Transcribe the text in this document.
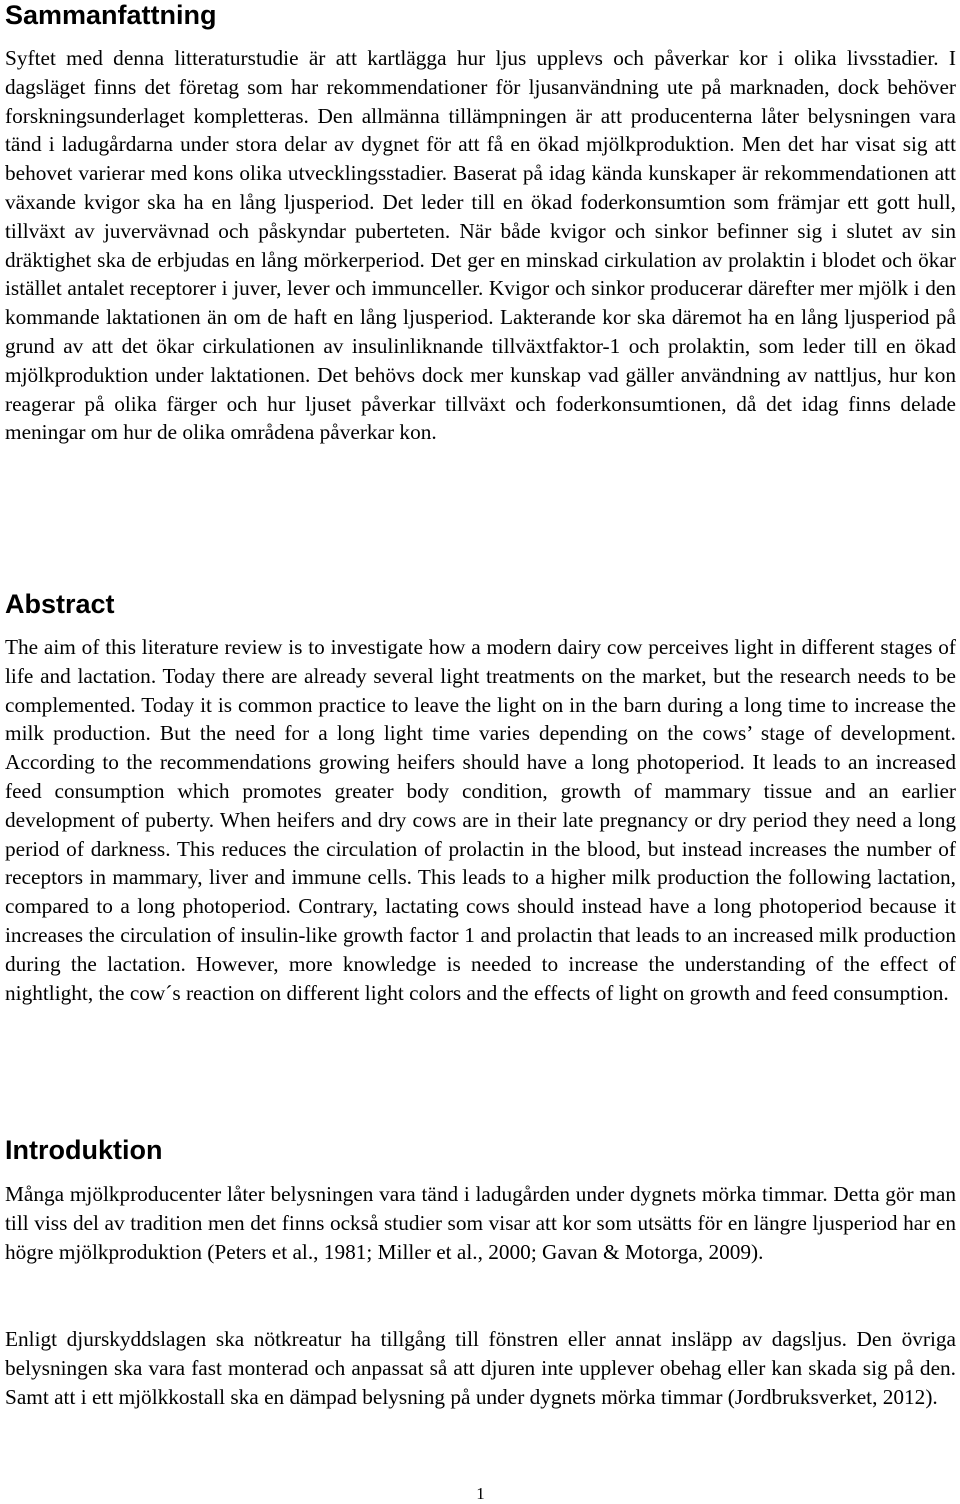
Sammanfattning

Syftet med denna litteraturstudie är att kartlägga hur ljus upplevs och påverkar kor i olika livsstadier. I dagsläget finns det företag som har rekommendationer för ljusanvändning ute på marknaden, dock behöver forskningsunderlaget kompletteras. Den allmänna tillämpningen är att producenterna låter belysningen vara tänd i ladugårdarna under stora delar av dygnet för att få en ökad mjölkproduktion. Men det har visat sig att behovet varierar med kons olika utvecklingsstadier. Baserat på idag kända kunskaper är rekommendationen att växande kvigor ska ha en lång ljusperiod. Det leder till en ökad foderkonsumtion som främjar ett gott hull, tillväxt av juvervävnad och påskyndar puberteten. När både kvigor och sinkor befinner sig i slutet av sin dräktighet ska de erbjudas en lång mörkerperiod. Det ger en minskad cirkulation av prolaktin i blodet och ökar istället antalet receptorer i juver, lever och immunceller. Kvigor och sinkor producerar därefter mer mjölk i den kommande laktationen än om de haft en lång ljusperiod. Lakterande kor ska däremot ha en lång ljusperiod på grund av att det ökar cirkulationen av insulinliknande tillväxtfaktor-1 och prolaktin, som leder till en ökad mjölkproduktion under laktationen. Det behövs dock mer kunskap vad gäller användning av nattljus, hur kon reagerar på olika färger och hur ljuset påverkar tillväxt och foderkonsumtionen, då det idag finns delade meningar om hur de olika områdena påverkar kon.

Abstract

The aim of this literature review is to investigate how a modern dairy cow perceives light in different stages of life and lactation. Today there are already several light treatments on the market, but the research needs to be complemented. Today it is common practice to leave the light on in the barn during a long time to increase the milk production. But the need for a long light time varies depending on the cows’ stage of development. According to the recommendations growing heifers should have a long photoperiod. It leads to an increased feed consumption which promotes greater body condition, growth of mammary tissue and an earlier development of puberty. When heifers and dry cows are in their late pregnancy or dry period they need a long period of darkness. This reduces the circulation of prolactin in the blood, but instead increases the number of receptors in mammary, liver and immune cells. This leads to a higher milk production the following lactation, compared to a long photoperiod. Contrary, lactating cows should instead have a long photoperiod because it increases the circulation of insulin-like growth factor 1 and prolactin that leads to an increased milk production during the lactation. However, more knowledge is needed to increase the understanding of the effect of nightlight, the cow´s reaction on different light colors and the effects of light on growth and feed consumption.

Introduktion

Många mjölkproducenter låter belysningen vara tänd i ladugården under dygnets mörka timmar. Detta gör man till viss del av tradition men det finns också studier som visar att kor som utsätts för en längre ljusperiod har en högre mjölkproduktion (Peters et al., 1981; Miller et al., 2000; Gavan & Motorga, 2009).

Enligt djurskyddslagen ska nötkreatur ha tillgång till fönstren eller annat insläpp av dagsljus. Den övriga belysningen ska vara fast monterad och anpassat så att djuren inte upplever obehag eller kan skada sig på den. Samt att i ett mjölkkostall ska en dämpad belysning på under dygnets mörka timmar (Jordbruksverket, 2012).

1
